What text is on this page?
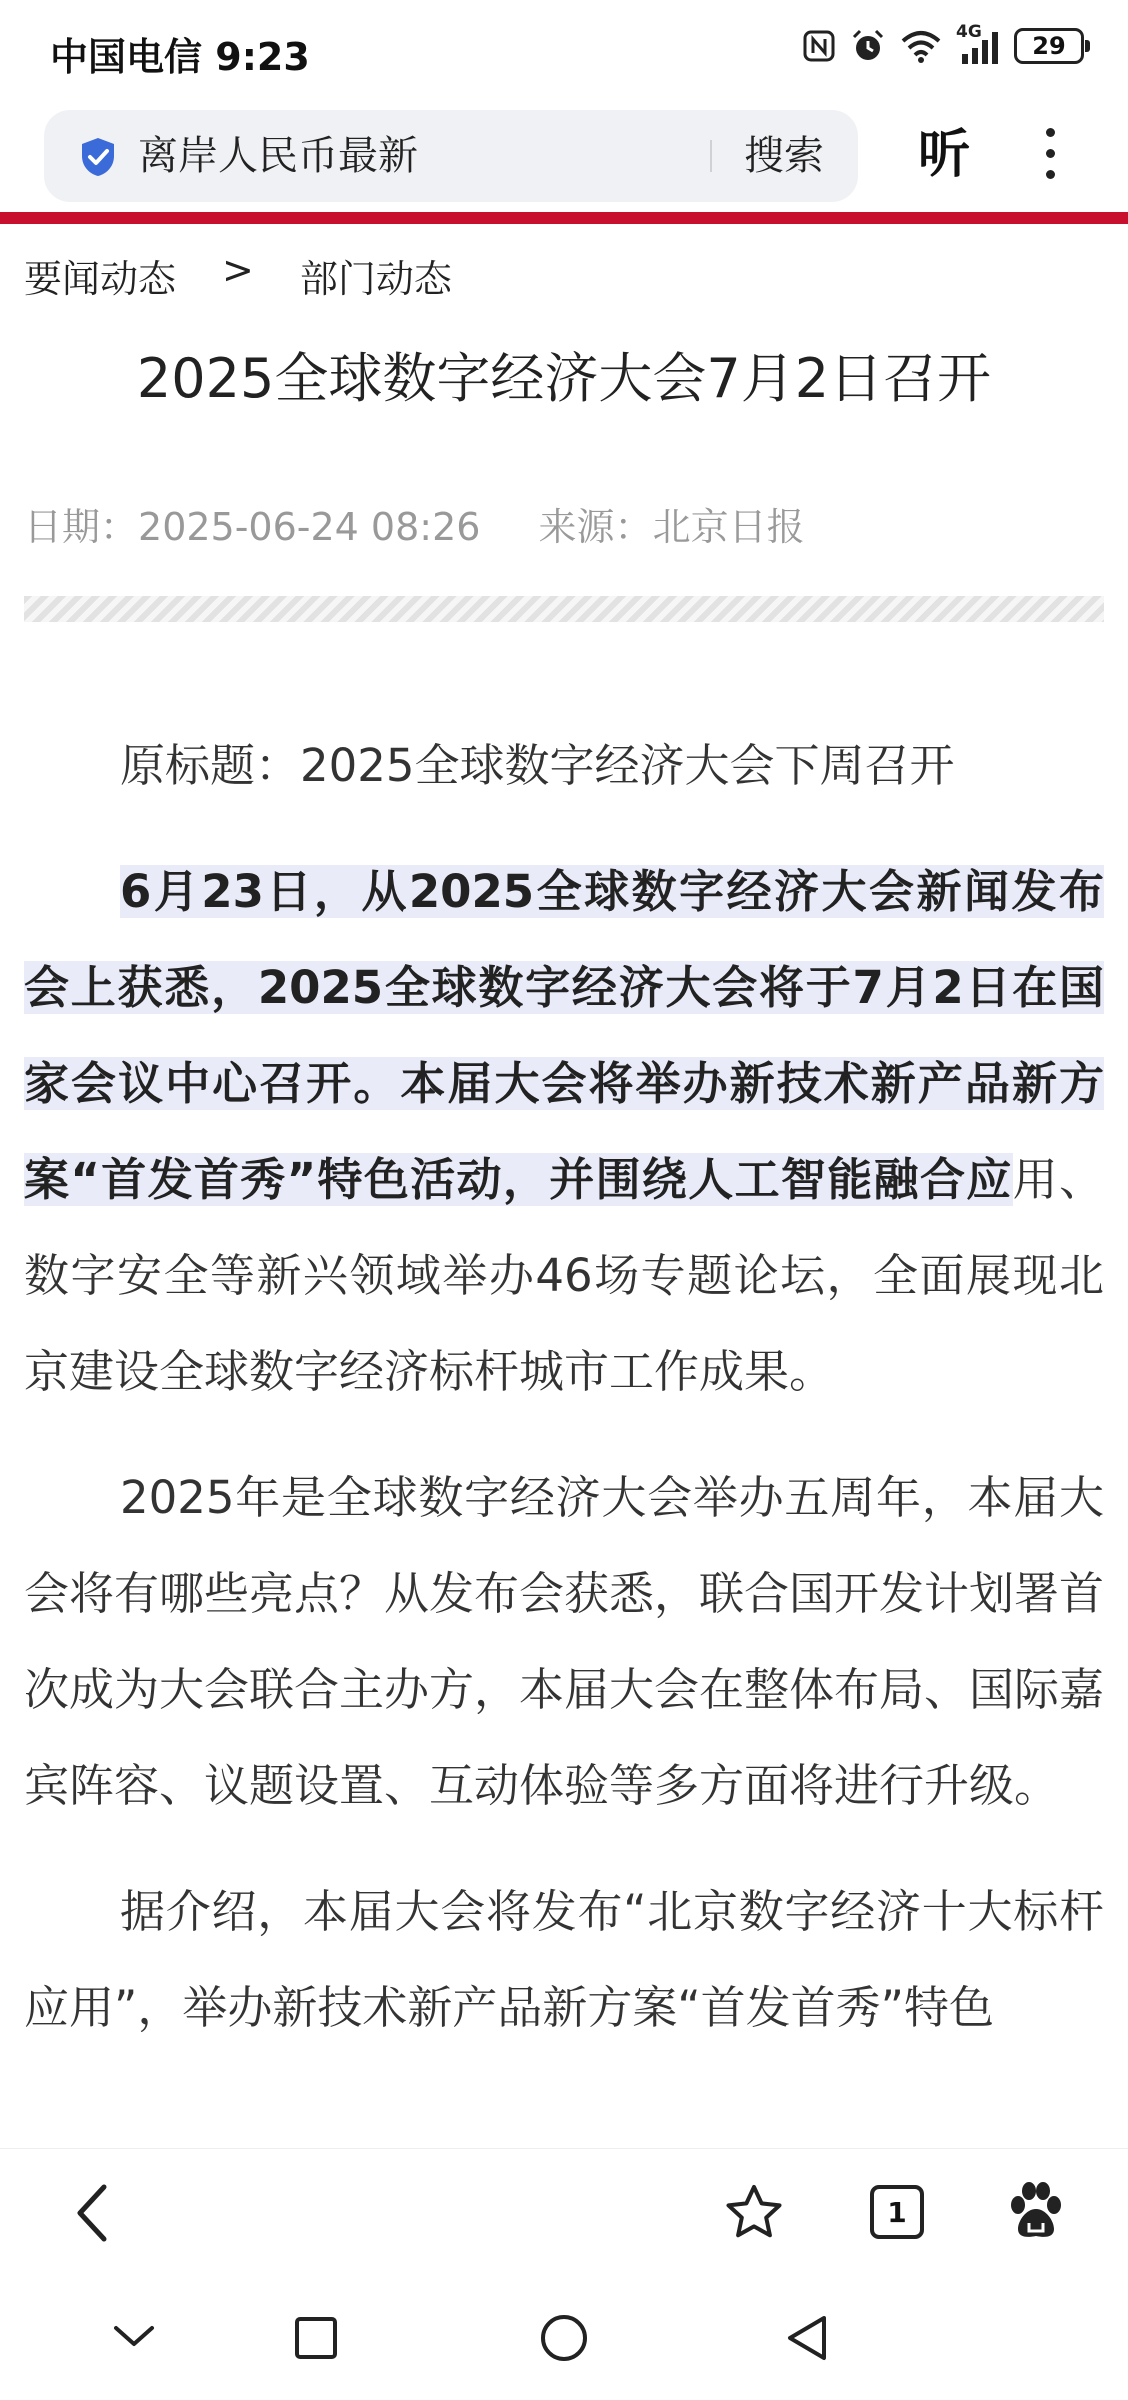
中国电信 9:23
4G 29
离岸人民币最新	搜索 听
要闻动态 > 部门动态
2025全球数字经济大会7月2日召开
日期：2025-06-24 08:26 来源：北京日报

原标题：2025全球数字经济大会下周召开

6月23日，从2025全球数字经济大会新闻发布会上获悉，2025全球数字经济大会将于7月2日在国家会议中心召开。本届大会将举办新技术新产品新方案“首发首秀”特色活动，并围绕人工智能融合应用、数字安全等新兴领域举办46场专题论坛，全面展现北京建设全球数字经济标杆城市工作成果。

2025年是全球数字经济大会举办五周年，本届大会将有哪些亮点？从发布会获悉，联合国开发计划署首次成为大会联合主办方，本届大会在整体布局、国际嘉宾阵容、议题设置、互动体验等多方面将进行升级。

据介绍，本届大会将发布“北京数字经济十大标杆应用”，举办新技术新产品新方案“首发首秀”特色

1
